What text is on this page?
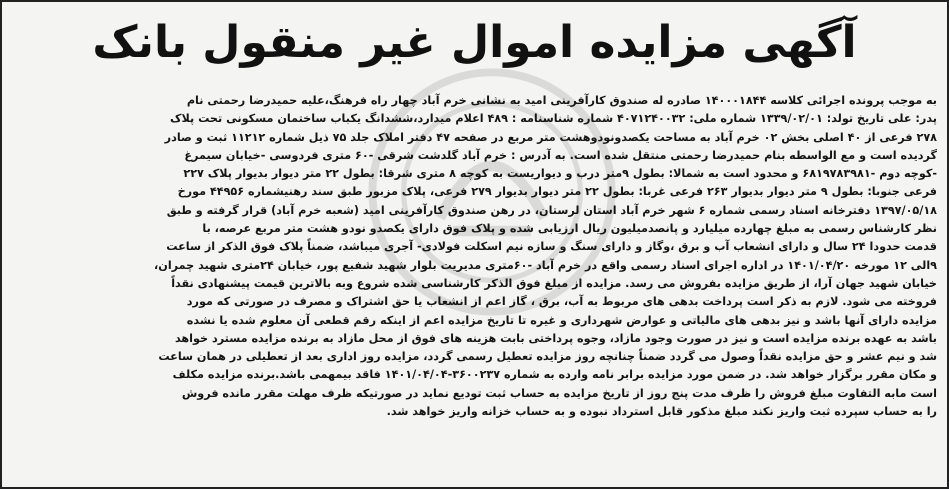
آگهی مزایده اموال غیر منقول بانک
به موجب پرونده اجرائی کلاسه ۱۴۰۰۰۱۸۴۴ صادره له صندوق کارآفرینی امید به نشانی خرم آباد چهار راه فرهنگ،علیه حمیدرضا رحمتی نام
پدر: علی تاریخ تولد: ۱۳۳۹/۰۲/۰۱ شماره ملی: ۴۰۷۱۲۴۰۰۳۲ شماره شناسنامه : ۴۸۹ اعلام میدارد،ششدانگ یکباب ساختمان مسکونی تحت پلاک
۲۷۸ فرعی از ۴۰ اصلی بخش ۰۲ خرم آباد به مساحت یکصدونودوهشت متر مربع در صفحه ۴۷ دفتر املاک جلد ۷۵ ذیل شماره ۱۱۲۱۲ ثبت و صادر
گردیده است و مع الواسطه بنام حمیدرضا رحمتی منتقل شده است. به آدرس : خرم آباد گلدشت شرقی -۶۰ متری فردوسی -خیابان سیمرغ
-کوچه دوم -۶۸۱۹۷۸۳۹۸۱ و محدود است به شمالا: بطول ۹متر درب و دیواریست به کوچه ۸ متری شرقا: بطول ۲۲ متر دیوار بدیوار پلاک ۲۲۷
فرعی جنوبا: بطول ۹ متر دیوار بدیوار ۲۶۳ فرعی غربا: بطول ۲۲ متر دیوار بدیوار ۲۷۹ فرعی، پلاک مزبور طبق سند رهنیشماره ۴۴۹۵۶ مورخ
۱۳۹۷/۰۵/۱۸ دفترخانه اسناد رسمی شماره ۶ شهر خرم آباد استان لرستان، در رهن صندوق کارآفرینی امید (شعبه خرم آباد) قرار گرفته و طبق
نظر کارشناس رسمی به مبلغ چهارده میلیارد و پانصدمیلیون ریال ارزیابی شده و پلاک فوق دارای یکصدو نودو هشت متر مربع عرصه، با
قدمت حدودا ۲۴ سال و دارای انشعاب آب و برق ،وگاز و دارای سنگ و سازه نیم اسکلت فولادی- آجری میباشد، ضمناً پلاک فوق الذکر از ساعت
۹الی ۱۲ مورخه ۱۴۰۱/۰۴/۲۰ در اداره اجرای اسناد رسمی واقع در خرم آباد -۶۰متری مدیریت بلوار شهید شفیع پور، خیابان ۲۴متری شهید چمران،
خیابان شهید جهان آرا، از طریق مزایده بفروش می رسد. مزایده از مبلغ فوق الذکر کارشناسی شده شروع وبه بالاترین قیمت پیشنهادی نقداً
فروخته می شود. لازم به ذکر است پرداخت بدهی های مربوط به آب، برق ، گاز اعم از انشعاب یا حق اشتراک و مصرف در صورتی که مورد
مزایده دارای آنها باشد و نیز بدهی های مالیاتی و عوارض شهرداری و غیره تا تاریخ مزایده اعم از اینکه رقم قطعی آن معلوم شده یا نشده
باشد به عهده برنده مزایده است و نیز در صورت وجود مازاد، وجوه پرداختی بابت هزینه های فوق از محل مازاد به برنده مزایده مسترد خواهد
شد و نیم عشر و حق مزایده نقداً وصول می گردد ضمناً چنانچه روز مزایده تعطیل رسمی گردد، مزایده روز اداری بعد از تعطیلی در همان ساعت
و مکان مقرر برگزار خواهد شد. در ضمن مورد مزایده برابر نامه وارده به شماره ۳۶۰۰۲۳۷-۱۴۰۱/۰۴/۰۴ فاقد بیمهمی باشد.برنده مزایده مکلف
است مابه التفاوت مبلغ فروش را ظرف مدت پنج روز از تاریخ مزایده به حساب ثبت تودیع نماید در صورتیکه ظرف مهلت مقرر مانده فروش
را به حساب سپرده ثبت واریز نکند مبلغ مذکور قابل استرداد نبوده و به حساب خزانه واریز خواهد شد.
